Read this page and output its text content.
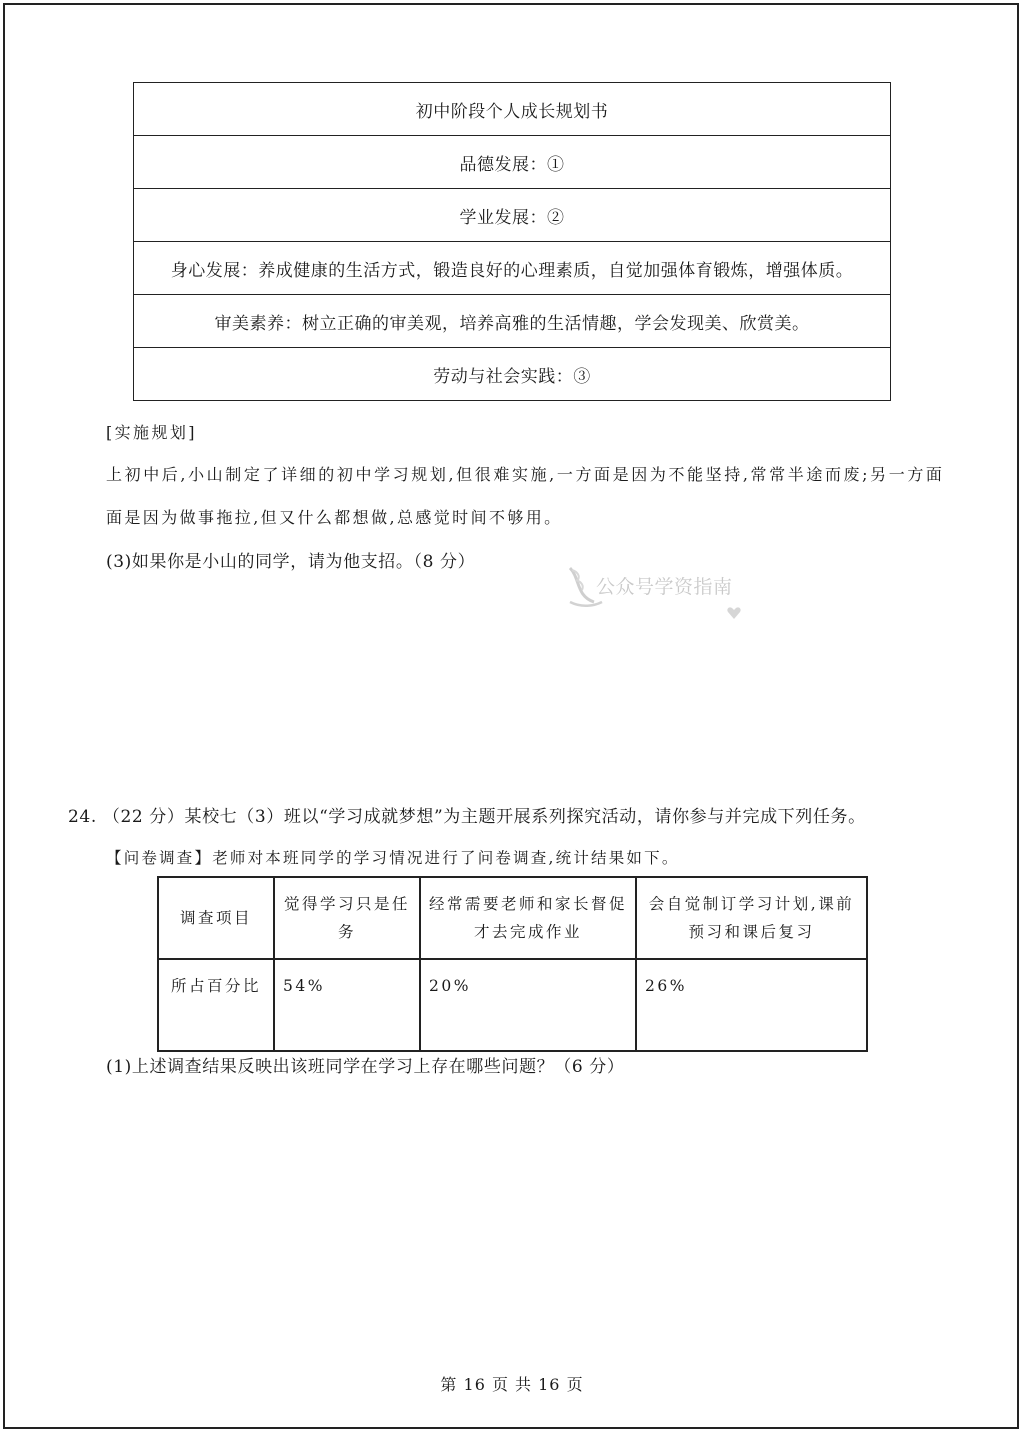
初中阶段个人成长规划书
品德发展：①
学业发展：②
身心发展：养成健康的生活方式，锻造良好的心理素质，自觉加强体育锻炼，增强体质。
审美素养：树立正确的审美观，培养高雅的生活情趣，学会发现美、欣赏美。
劳动与社会实践：③
[实施规划]
上初中后,小山制定了详细的初中学习规划,但很难实施,一方面是因为不能坚持,常常半途而废;另一方面
面是因为做事拖拉,但又什么都想做,总感觉时间不够用。
(3)如果你是小山的同学，请为他支招。（8 分）
公众号学资指南
24. （22 分）某校七（3）班以“学习成就梦想”为主题开展系列探究活动，请你参与并完成下列任务。
【问卷调查】老师对本班同学的学习情况进行了问卷调查,统计结果如下。
调查项目	觉得学习只是任务	经常需要老师和家长督促才去完成作业	会自觉制订学习计划,课前预习和课后复习
所占百分比	54%	20%	26%
(1)上述调查结果反映出该班同学在学习上存在哪些问题？（6 分）
第 16 页 共 16 页
